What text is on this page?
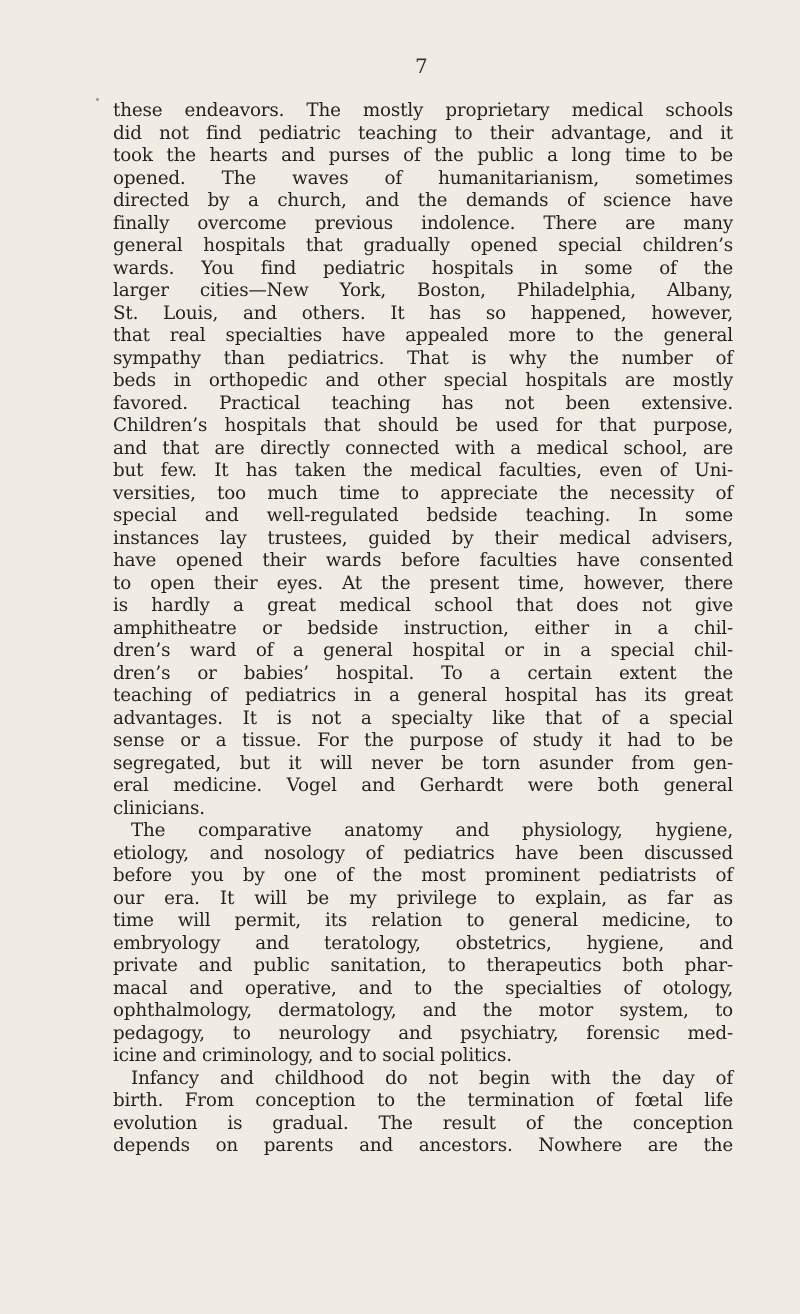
7
these endeavors. The mostly proprietary medical schools
did not find pediatric teaching to their advantage, and it
took the hearts and purses of the public a long time to be
opened. The waves of humanitarianism, sometimes
directed by a church, and the demands of science have
finally overcome previous indolence. There are many
general hospitals that gradually opened special children’s
wards. You find pediatric hospitals in some of the
larger cities—New York, Boston, Philadelphia, Albany,
St. Louis, and others. It has so happened, however,
that real specialties have appealed more to the general
sympathy than pediatrics. That is why the number of
beds in orthopedic and other special hospitals are mostly
favored. Practical teaching has not been extensive.
Children’s hospitals that should be used for that purpose,
and that are directly connected with a medical school, are
but few. It has taken the medical faculties, even of Uni-
versities, too much time to appreciate the necessity of
special and well-regulated bedside teaching. In some
instances lay trustees, guided by their medical advisers,
have opened their wards before faculties have consented
to open their eyes. At the present time, however, there
is hardly a great medical school that does not give
amphitheatre or bedside instruction, either in a chil-
dren’s ward of a general hospital or in a special chil-
dren’s or babies’ hospital. To a certain extent the
teaching of pediatrics in a general hospital has its great
advantages. It is not a specialty like that of a special
sense or a tissue. For the purpose of study it had to be
segregated, but it will never be torn asunder from gen-
eral medicine. Vogel and Gerhardt were both general
clinicians.
The comparative anatomy and physiology, hygiene,
etiology, and nosology of pediatrics have been discussed
before you by one of the most prominent pediatrists of
our era. It will be my privilege to explain, as far as
time will permit, its relation to general medicine, to
embryology and teratology, obstetrics, hygiene, and
private and public sanitation, to therapeutics both phar-
macal and operative, and to the specialties of otology,
ophthalmology, dermatology, and the motor system, to
pedagogy, to neurology and psychiatry, forensic med-
icine and criminology, and to social politics.
Infancy and childhood do not begin with the day of
birth. From conception to the termination of fœtal life
evolution is gradual. The result of the conception
depends on parents and ancestors. Nowhere are the
